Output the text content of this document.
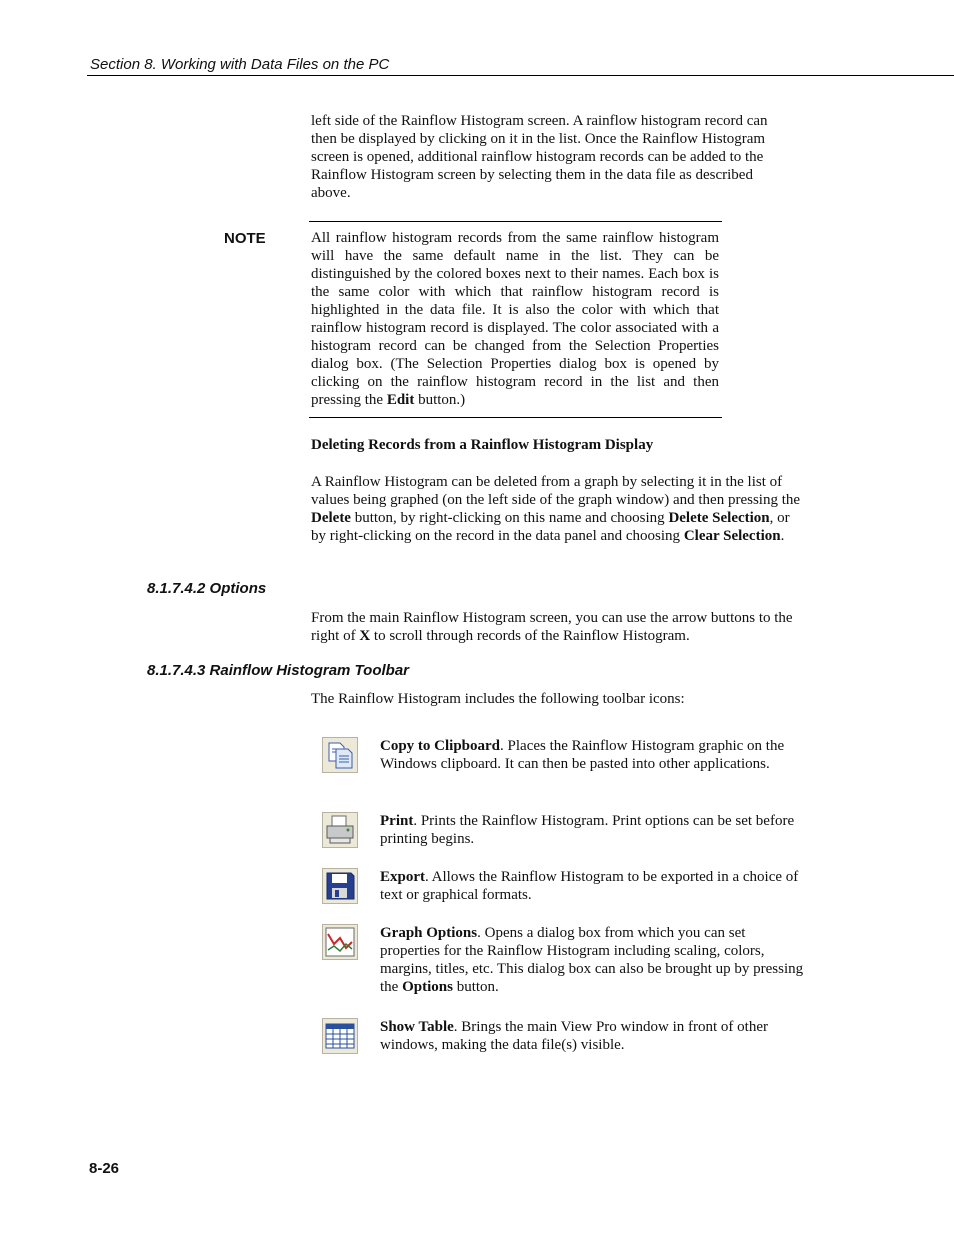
Section 8. Working with Data Files on the PC

left side of the Rainflow Histogram screen. A rainflow histogram record can then be displayed by clicking on it in the list. Once the Rainflow Histogram screen is opened, additional rainflow histogram records can be added to the Rainflow Histogram screen by selecting them in the data file as described above.

NOTE	All rainflow histogram records from the same rainflow histogram will have the same default name in the list. They can be distinguished by the colored boxes next to their names. Each box is the same color with which that rainflow histogram record is highlighted in the data file. It is also the color with which that rainflow histogram record is displayed. The color associated with a histogram record can be changed from the Selection Properties dialog box. (The Selection Properties dialog box is opened by clicking on the rainflow histogram record in the list and then pressing the Edit button.)

Deleting Records from a Rainflow Histogram Display

A Rainflow Histogram can be deleted from a graph by selecting it in the list of values being graphed (on the left side of the graph window) and then pressing the Delete button, by right-clicking on this name and choosing Delete Selection, or by right-clicking on the record in the data panel and choosing Clear Selection.

8.1.7.4.2 Options

From the main Rainflow Histogram screen, you can use the arrow buttons to the right of X to scroll through records of the Rainflow Histogram.

8.1.7.4.3 Rainflow Histogram Toolbar

The Rainflow Histogram includes the following toolbar icons:

Copy to Clipboard. Places the Rainflow Histogram graphic on the Windows clipboard. It can then be pasted into other applications.

Print. Prints the Rainflow Histogram. Print options can be set before printing begins.

Export. Allows the Rainflow Histogram to be exported in a choice of text or graphical formats.

Graph Options. Opens a dialog box from which you can set properties for the Rainflow Histogram including scaling, colors, margins, titles, etc. This dialog box can also be brought up by pressing the Options button.

Show Table. Brings the main View Pro window in front of other windows, making the data file(s) visible.

8-26
